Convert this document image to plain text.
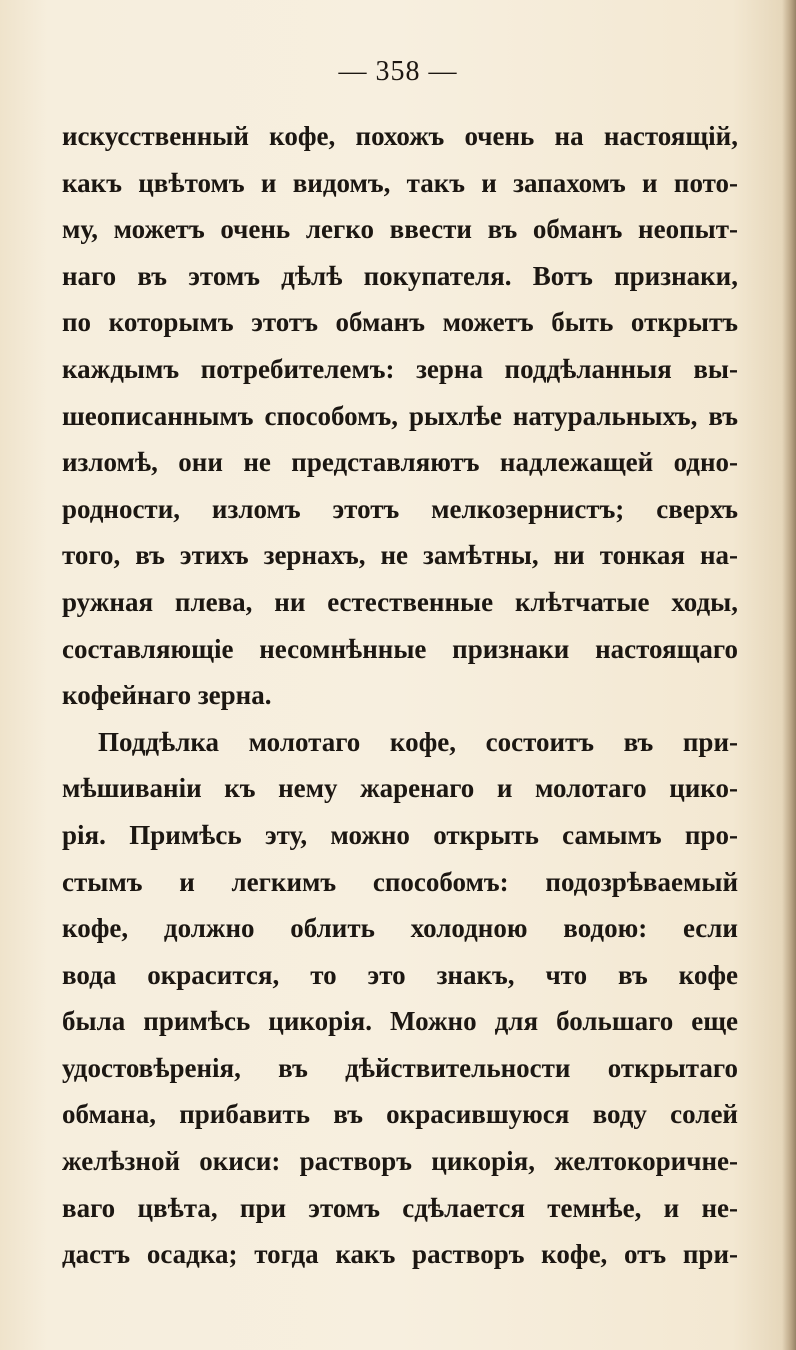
— 358 —
искусственный кофе, похожъ очень на настоящій,
какъ цвѣтомъ и видомъ, такъ и запахомъ и пото-
му, можетъ очень легко ввести въ обманъ неопыт-
наго въ этомъ дѣлѣ покупателя. Вотъ признаки,
по которымъ этотъ обманъ можетъ быть открытъ
каждымъ потребителемъ: зерна поддѣланныя вы-
шеописаннымъ способомъ, рыхлѣе натуральныхъ, въ
изломѣ, они не представляютъ надлежащей одно-
родности, изломъ этотъ мелкозернистъ; сверхъ
того, въ этихъ зернахъ, не замѣтны, ни тонкая на-
ружная плева, ни естественные клѣтчатые ходы,
составляющіе несомнѣнные признаки настоящаго
кофейнаго зерна.
Поддѣлка молотаго кофе, состоитъ въ при-
мѣшиваніи къ нему жаренаго и молотаго цико-
рія. Примѣсь эту, можно открыть самымъ про-
стымъ и легкимъ способомъ: подозрѣваемый
кофе, должно облить холодною водою: если
вода окрасится, то это знакъ, что въ кофе
была примѣсь цикорія. Можно для большаго еще
удостовѣренія, въ дѣйствительности открытаго
обмана, прибавить въ окрасившуюся воду солей
желѣзной окиси: растворъ цикорія, желтокоричне-
ваго цвѣта, при этомъ сдѣлается темнѣе, и не-
дастъ осадка; тогда какъ растворъ кофе, отъ при-
